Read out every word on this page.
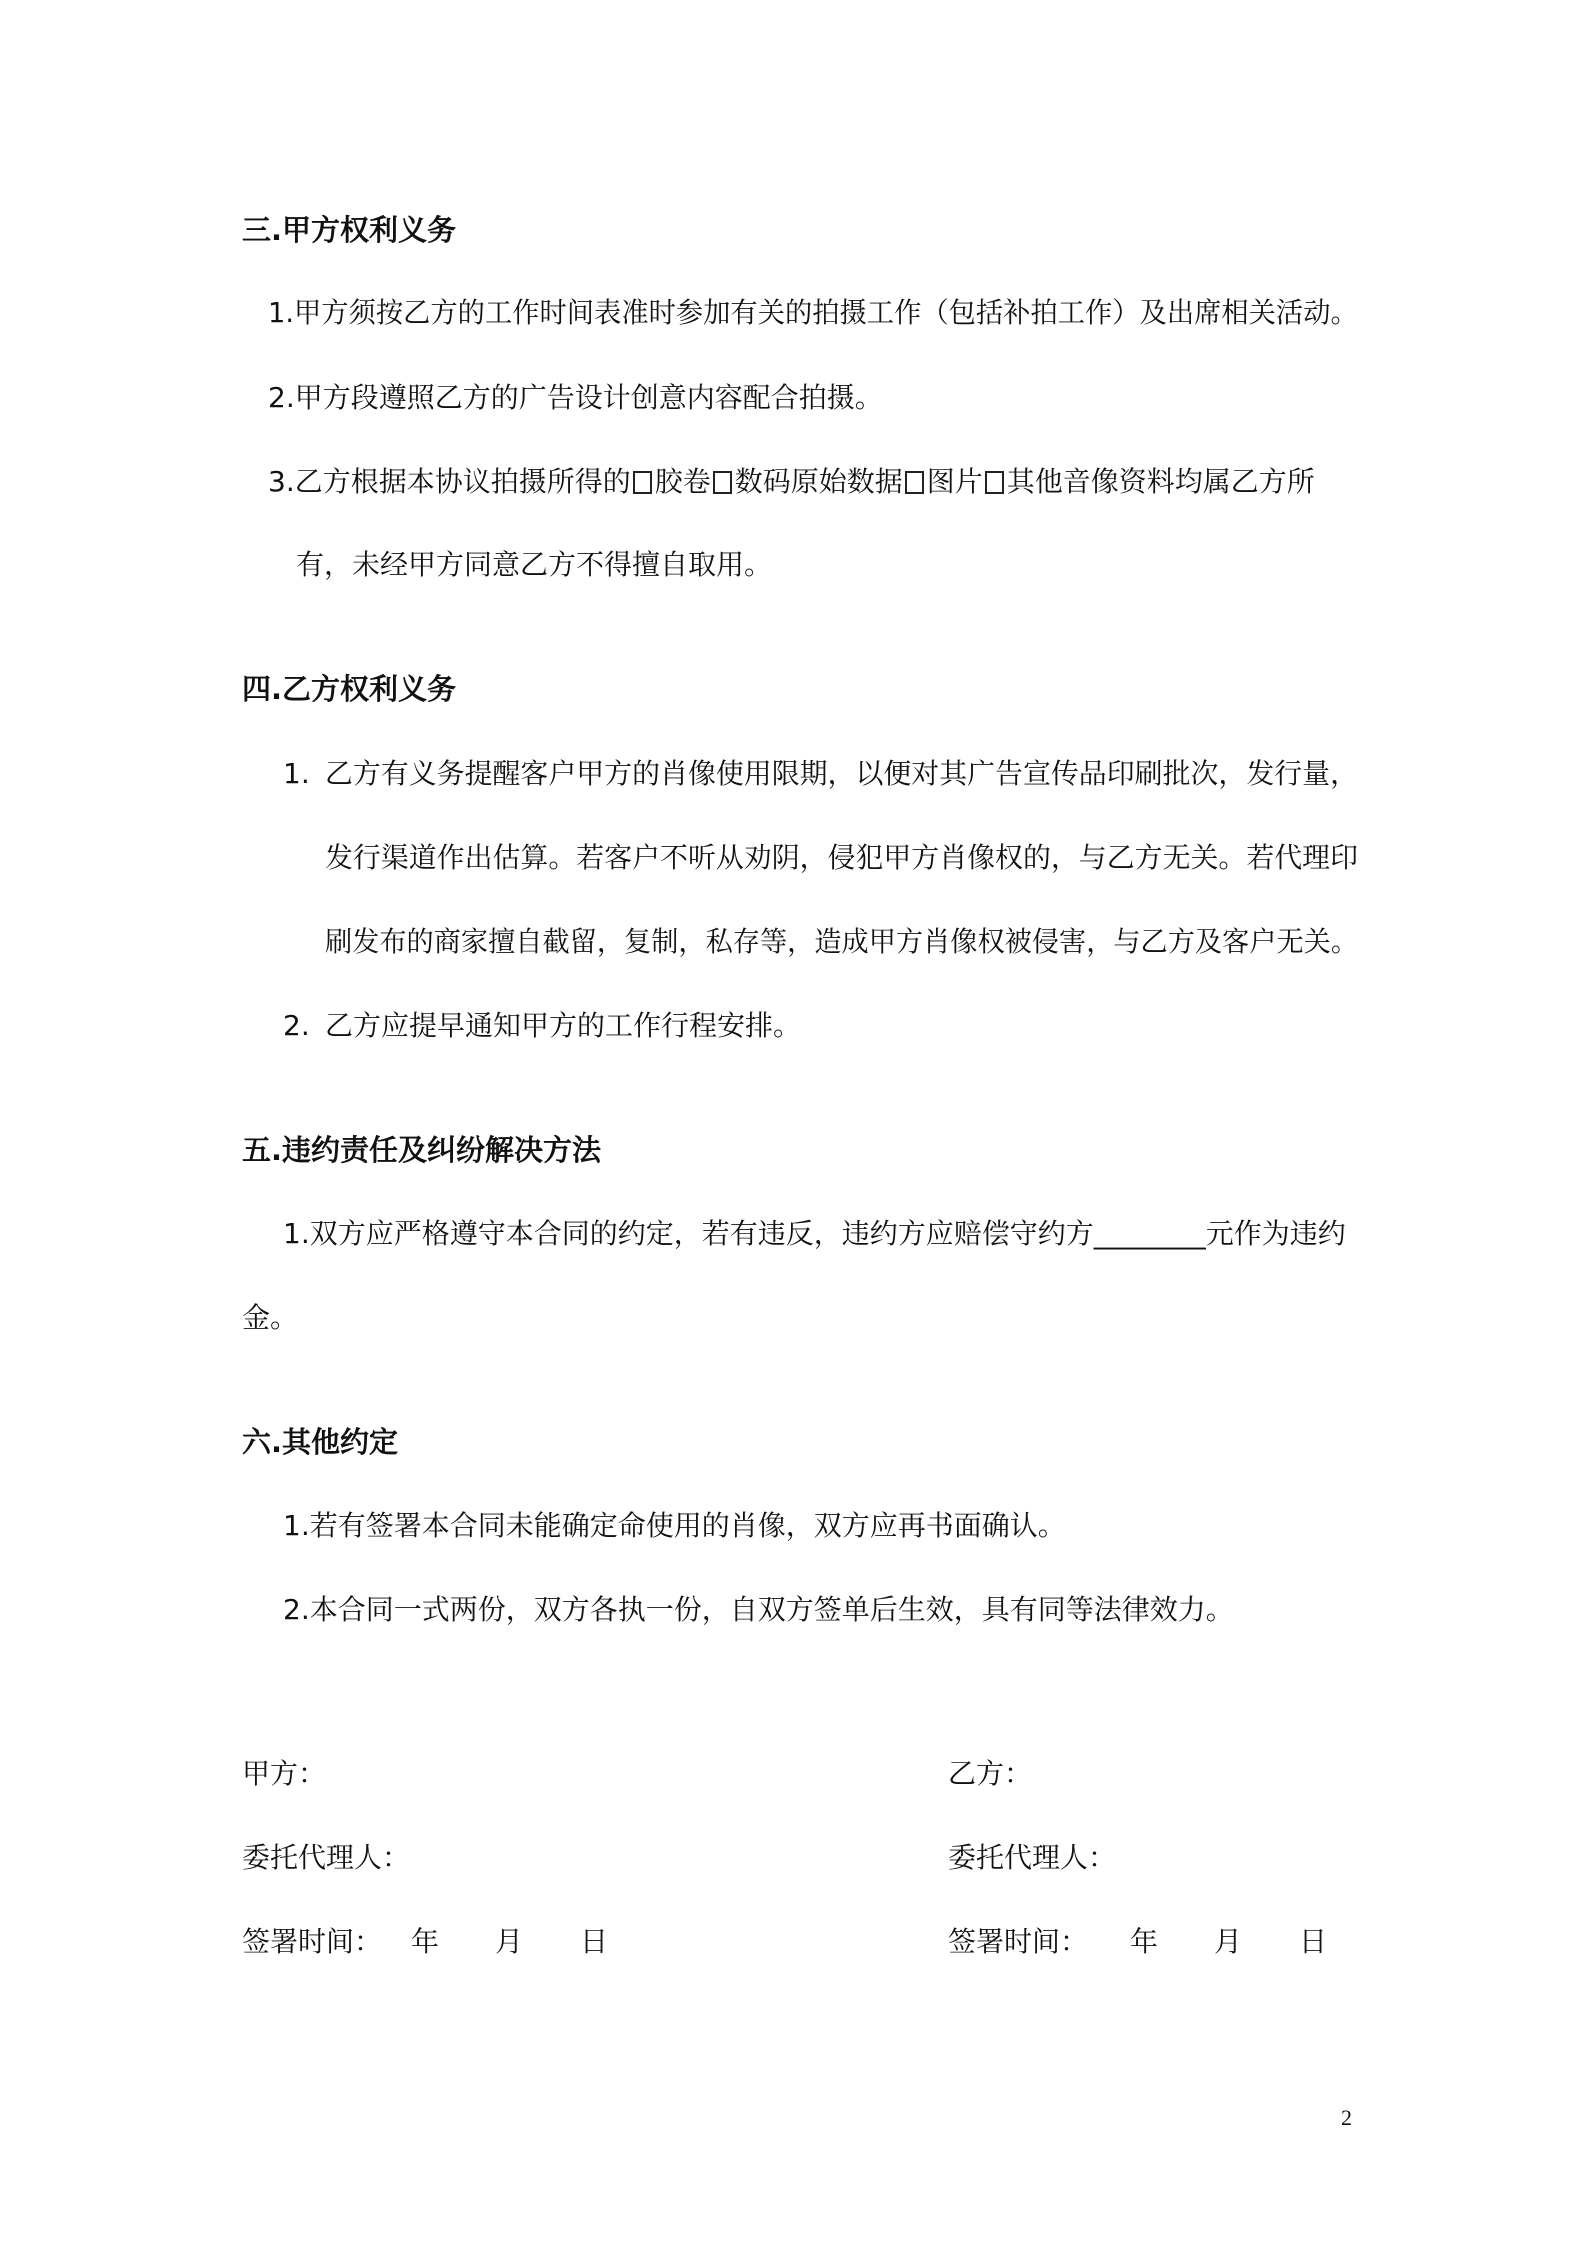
三.甲方权利义务
1.甲方须按乙方的工作时间表准时参加有关的拍摄工作（包括补拍工作）及出席相关活动。
2.甲方段遵照乙方的广告设计创意内容配合拍摄。
3.乙方根据本协议拍摄所得的 胶卷 数码原始数据 图片 其他音像资料均属乙方所
有，未经甲方同意乙方不得擅自取用。
四.乙方权利义务
1. 乙方有义务提醒客户甲方的肖像使用限期，以便对其广告宣传品印刷批次，发行量，
发行渠道作出估算。若客户不听从劝阴，侵犯甲方肖像权的，与乙方无关。若代理印
刷发布的商家擅自截留，复制，私存等，造成甲方肖像权被侵害，与乙方及客户无关。
2. 乙方应提早通知甲方的工作行程安排。
五.违约责任及纠纷解决方法
1.双方应严格遵守本合同的约定，若有违反，违约方应赔偿守约方________元作为违约
金。
六.其他约定
1.若有签署本合同未能确定命使用的肖像，双方应再书面确认。
2.本合同一式两份，双方各执一份，自双方签单后生效，具有同等法律效力。
甲方：
委托代理人：
签署时间： 年 月 日
乙方：
委托代理人：
签署时间： 年 月 日
2
